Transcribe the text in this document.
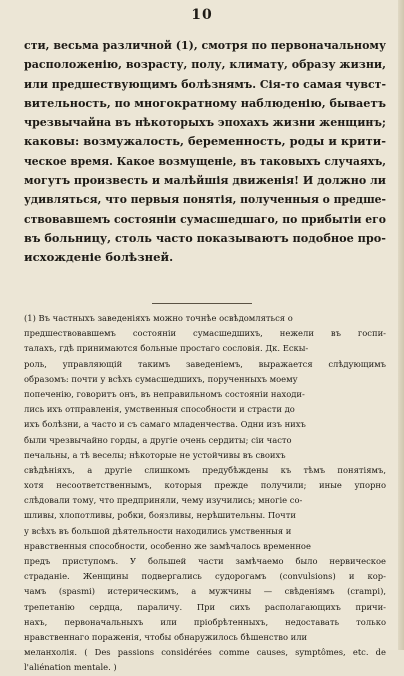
10
сти, весьма различной (1), смотря по первоначальному
расположенію, возрасту, полу, климату, образу жизни,
или предшествующимъ болѣзнямъ. Сія-то самая чувст-
вительность, по многократному наблюденію, бываетъ
чрезвычайна въ нѣкоторыхъ эпохахъ жизни женщинъ;
каковы: возмужалость, беременность, роды и крити-
ческое время. Какое возмущеніе, въ таковыхъ случаяхъ,
могутъ произвесть и малѣйшія движенія! И должно ли
удивляться, что первыя понятія, полученныя о предше-
ствовавшемъ состояніи сумасшедшаго, по прибытіи его
въ больницу, столь часто показываютъ подобное про-
исхожденіе болѣзней.
(1) Въ частныхъ заведеніяхъ можно точнѣе освѣдомляться о
предшествовавшемъ состояніи сумасшедшихъ, нежели въ госпи-
талахъ, гдѣ принимаются больные простаго сословія. Дк. Ескы-
роль, управляющій такимъ заведеніемъ, выражается слѣдующимъ
образомъ: почти у всѣхъ сумасшедшихъ, порученныхъ моему
попеченію, говоритъ онъ, въ неправильномъ состояніи находи-
лись ихъ отправленія, умственныя способности и страсти до
ихъ болѣзни, а часто и съ самаго младенчества. Одни изъ нихъ
были чрезвычайно горды, а другіе очень сердиты; сіи часто
печальны, а тѣ веселы; нѣкоторые не устойчивы въ своихъ
свѣдѣніяхъ, а другіе слишкомъ предубѣждены къ тѣмъ понятіямъ,
хотя несоответственнымъ, которыя прежде получили; иные упорно
слѣдовали тому, что предприняли, чему изучились; многіе со-
шливы, хлопотливы, робки, боязливы, нерѣшительны. Почти
у всѣхъ въ большой дѣятельности находились умственныя и
нравственныя способности, особенно же замѣчалось временное
предъ приступомъ. У большей части замѣчаемо было нервическое
страданіе. Женщины подвергались судорогамъ (convulsions) и кор-
чамъ (spasmi) истерическимъ, а мужчины — свѣденіямъ (crampi),
трепетанію сердца, параличу. При сихъ располагающихъ причи-
нахъ, первоначальныхъ или пріобрѣтенныхъ, недоставать только
нравственнаго пораженія, чтобы обнаружилось бѣшенство или
меланхолія. ( Des passions considérées comme causes, symptômes, etc. de
l'aliénation mentale. )
